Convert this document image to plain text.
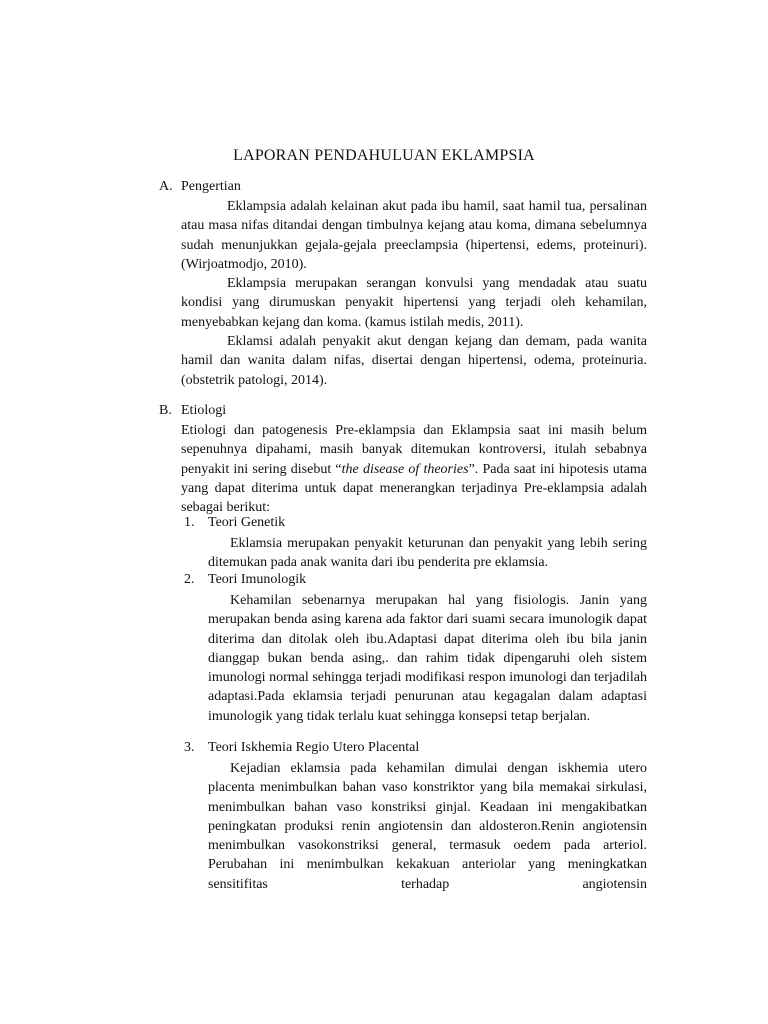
LAPORAN PENDAHULUAN EKLAMPSIA
A. Pengertian

Eklampsia adalah kelainan akut pada ibu hamil, saat hamil tua, persalinan atau masa nifas ditandai dengan timbulnya kejang atau koma, dimana sebelumnya sudah menunjukkan gejala-gejala preeclampsia (hipertensi, edems, proteinuri). (Wirjoatmodjo, 2010).

Eklampsia merupakan serangan konvulsi yang mendadak atau suatu kondisi yang dirumuskan penyakit hipertensi yang terjadi oleh kehamilan, menyebabkan kejang dan koma. (kamus istilah medis, 2011).

Eklamsi adalah penyakit akut dengan kejang dan demam, pada wanita hamil dan wanita dalam nifas, disertai dengan hipertensi, odema, proteinuria. (obstetrik patologi, 2014).

B. Etiologi

Etiologi dan patogenesis Pre-eklampsia dan Eklampsia saat ini masih belum sepenuhnya dipahami, masih banyak ditemukan kontroversi, itulah sebabnya penyakit ini sering disebut “the disease of theories”. Pada saat ini hipotesis utama yang dapat diterima untuk dapat menerangkan terjadinya Pre-eklampsia adalah sebagai berikut:

1. Teori Genetik

Eklamsia merupakan penyakit keturunan dan penyakit yang lebih sering ditemukan pada anak wanita dari ibu penderita pre eklamsia.

2. Teori Imunologik

Kehamilan sebenarnya merupakan hal yang fisiologis. Janin yang merupakan benda asing karena ada faktor dari suami secara imunologik dapat diterima dan ditolak oleh ibu.Adaptasi dapat diterima oleh ibu bila janin dianggap bukan benda asing,. dan rahim tidak dipengaruhi oleh sistem imunologi normal sehingga terjadi modifikasi respon imunologi dan terjadilah adaptasi.Pada eklamsia terjadi penurunan atau kegagalan dalam adaptasi imunologik yang tidak terlalu kuat sehingga konsepsi tetap berjalan.

3. Teori Iskhemia Regio Utero Placental

Kejadian eklamsia pada kehamilan dimulai dengan iskhemia utero placenta menimbulkan bahan vaso konstriktor yang bila memakai sirkulasi, menimbulkan bahan vaso konstriksi ginjal. Keadaan ini mengakibatkan peningkatan produksi renin angiotensin dan aldosteron.Renin angiotensin menimbulkan vasokonstriksi general, termasuk oedem pada arteriol. Perubahan ini menimbulkan kekakuan anteriolar yang meningkatkan sensitifitas terhadap angiotensin
